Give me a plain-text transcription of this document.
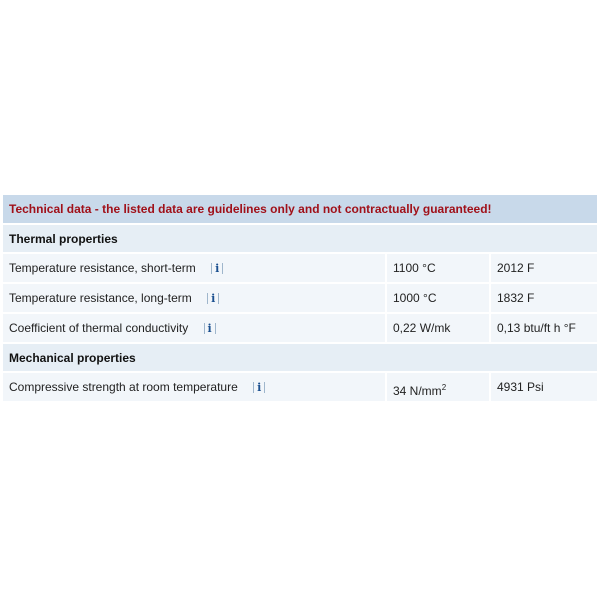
Technical data - the listed data are guidelines only and not contractually guaranteed!		
Thermal properties		
Temperature resistance, short-term i	1100 °C	2012 F
Temperature resistance, long-term i	1000 °C	1832 F
Coefficient of thermal conductivity i	0,22 W/mk	0,13 btu/ft h °F
Mechanical properties		
Compressive strength at room temperature i	34 $N/mm^2$	4931 Psi
